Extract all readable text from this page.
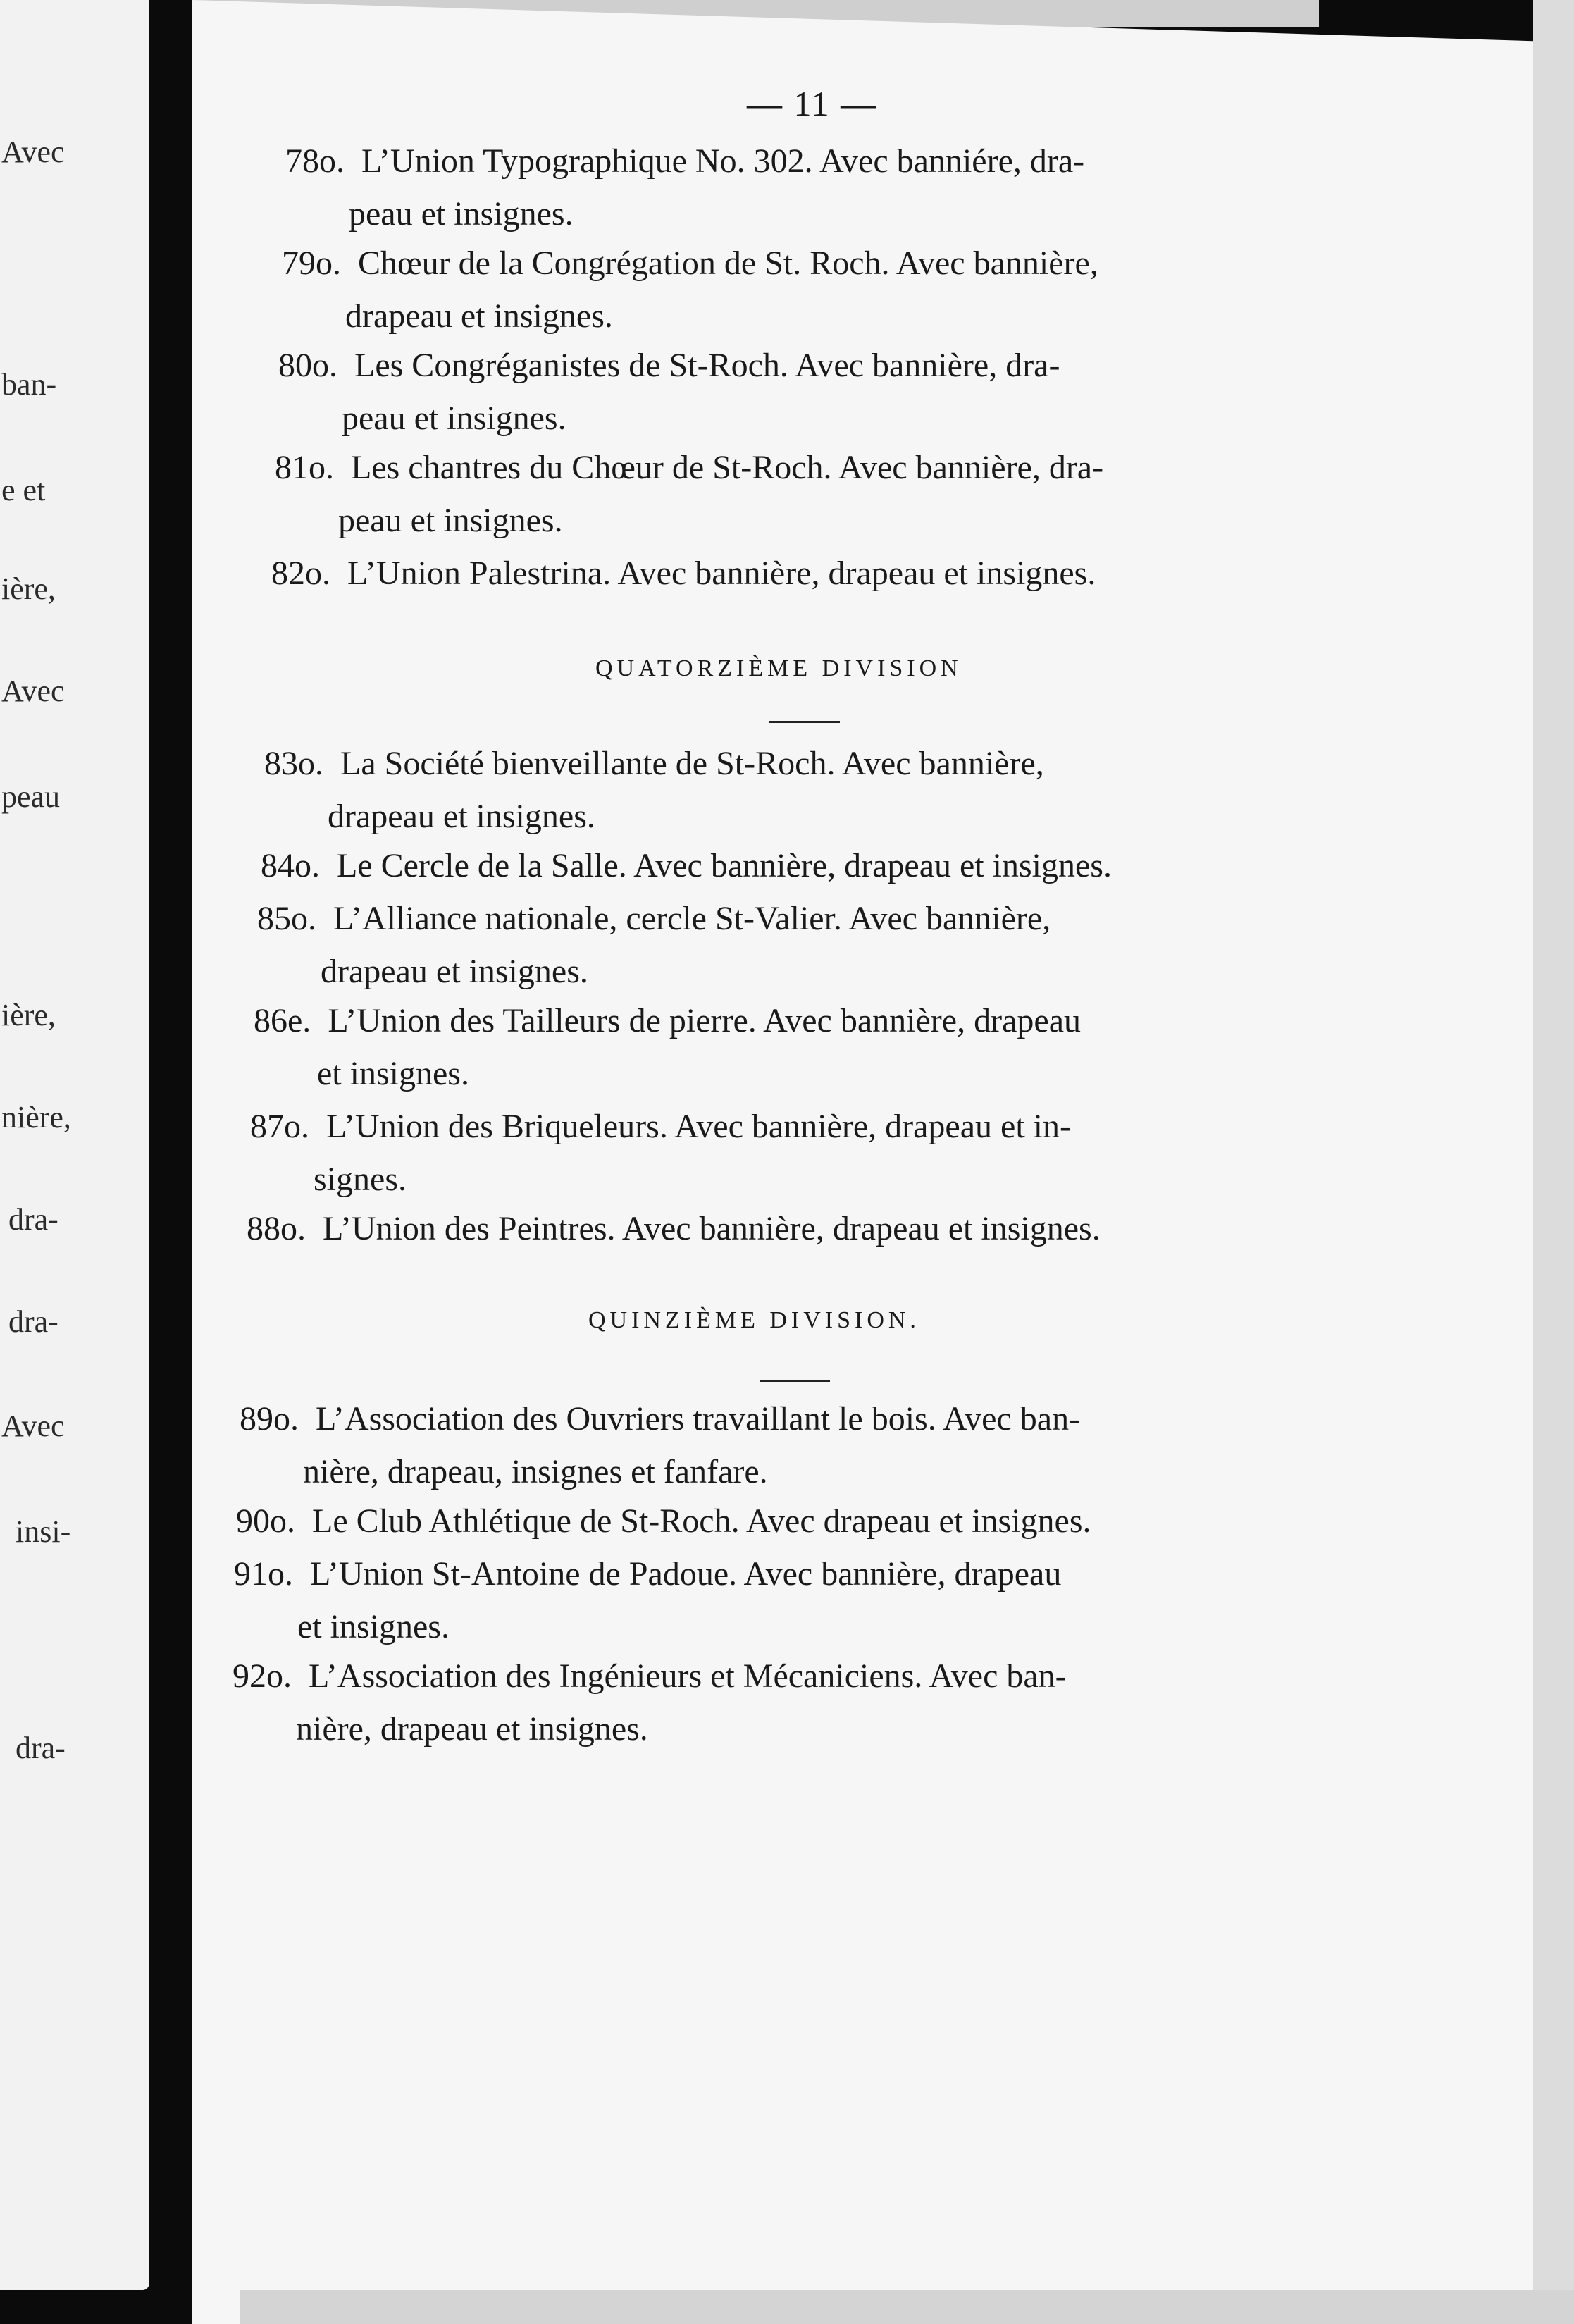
Avec
ban-
e et
ière,
Avec
peau
ière,
nière,
dra-
dra-
Avec
insi-
dra-
— 11 —
78o. L’Union Typographique No. 302. Avec banniére, dra-
peau et insignes.
79o. Chœur de la Congrégation de St. Roch. Avec bannière,
drapeau et insignes.
80o. Les Congréganistes de St-Roch. Avec bannière, dra-
peau et insignes.
81o. Les chantres du Chœur de St-Roch. Avec bannière, dra-
peau et insignes.
82o. L’Union Palestrina. Avec bannière, drapeau et insignes.
QUATORZIÈME DIVISION
83o. La Société bienveillante de St-Roch. Avec bannière,
drapeau et insignes.
84o. Le Cercle de la Salle. Avec bannière, drapeau et insignes.
85o. L’Alliance nationale, cercle St-Valier. Avec bannière,
drapeau et insignes.
86e. L’Union des Tailleurs de pierre. Avec bannière, drapeau
et insignes.
87o. L’Union des Briqueleurs. Avec bannière, drapeau et in-
signes.
88o. L’Union des Peintres. Avec bannière, drapeau et insignes.
QUINZIÈME DIVISION.
89o. L’Association des Ouvriers travaillant le bois. Avec ban-
nière, drapeau, insignes et fanfare.
90o. Le Club Athlétique de St-Roch. Avec drapeau et insignes.
91o. L’Union St-Antoine de Padoue. Avec bannière, drapeau
et insignes.
92o. L’Association des Ingénieurs et Mécaniciens. Avec ban-
nière, drapeau et insignes.
